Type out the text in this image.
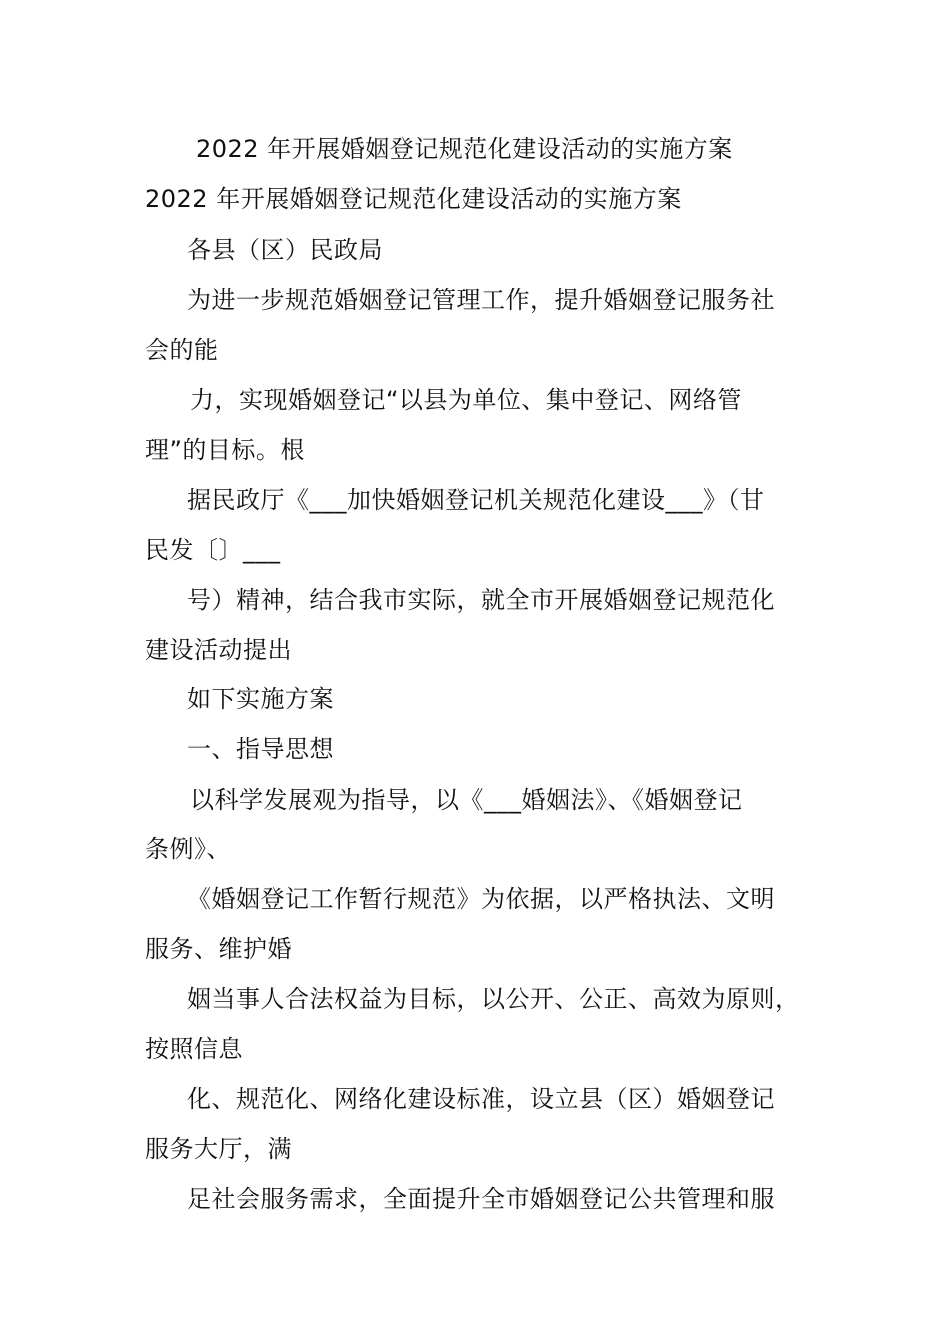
2022 年开展婚姻登记规范化建设活动的实施方案
2022 年开展婚姻登记规范化建设活动的实施方案
各县（区）民政局
为进一步规范婚姻登记管理工作，提升婚姻登记服务社
会的能
力，实现婚姻登记“以县为单位、集中登记、网络管
理”的目标。根
据民政厅《___加快婚姻登记机关规范化建设___》（甘
民发〔〕___
号）精神，结合我市实际，就全市开展婚姻登记规范化
建设活动提出
如下实施方案
一、指导思想
以科学发展观为指导，以《___婚姻法》、《婚姻登记
条例》、
《婚姻登记工作暂行规范》为依据，以严格执法、文明
服务、维护婚
姻当事人合法权益为目标，以公开、公正、高效为原则，
按照信息
化、规范化、网络化建设标准，设立县（区）婚姻登记
服务大厅，满
足社会服务需求，全面提升全市婚姻登记公共管理和服
